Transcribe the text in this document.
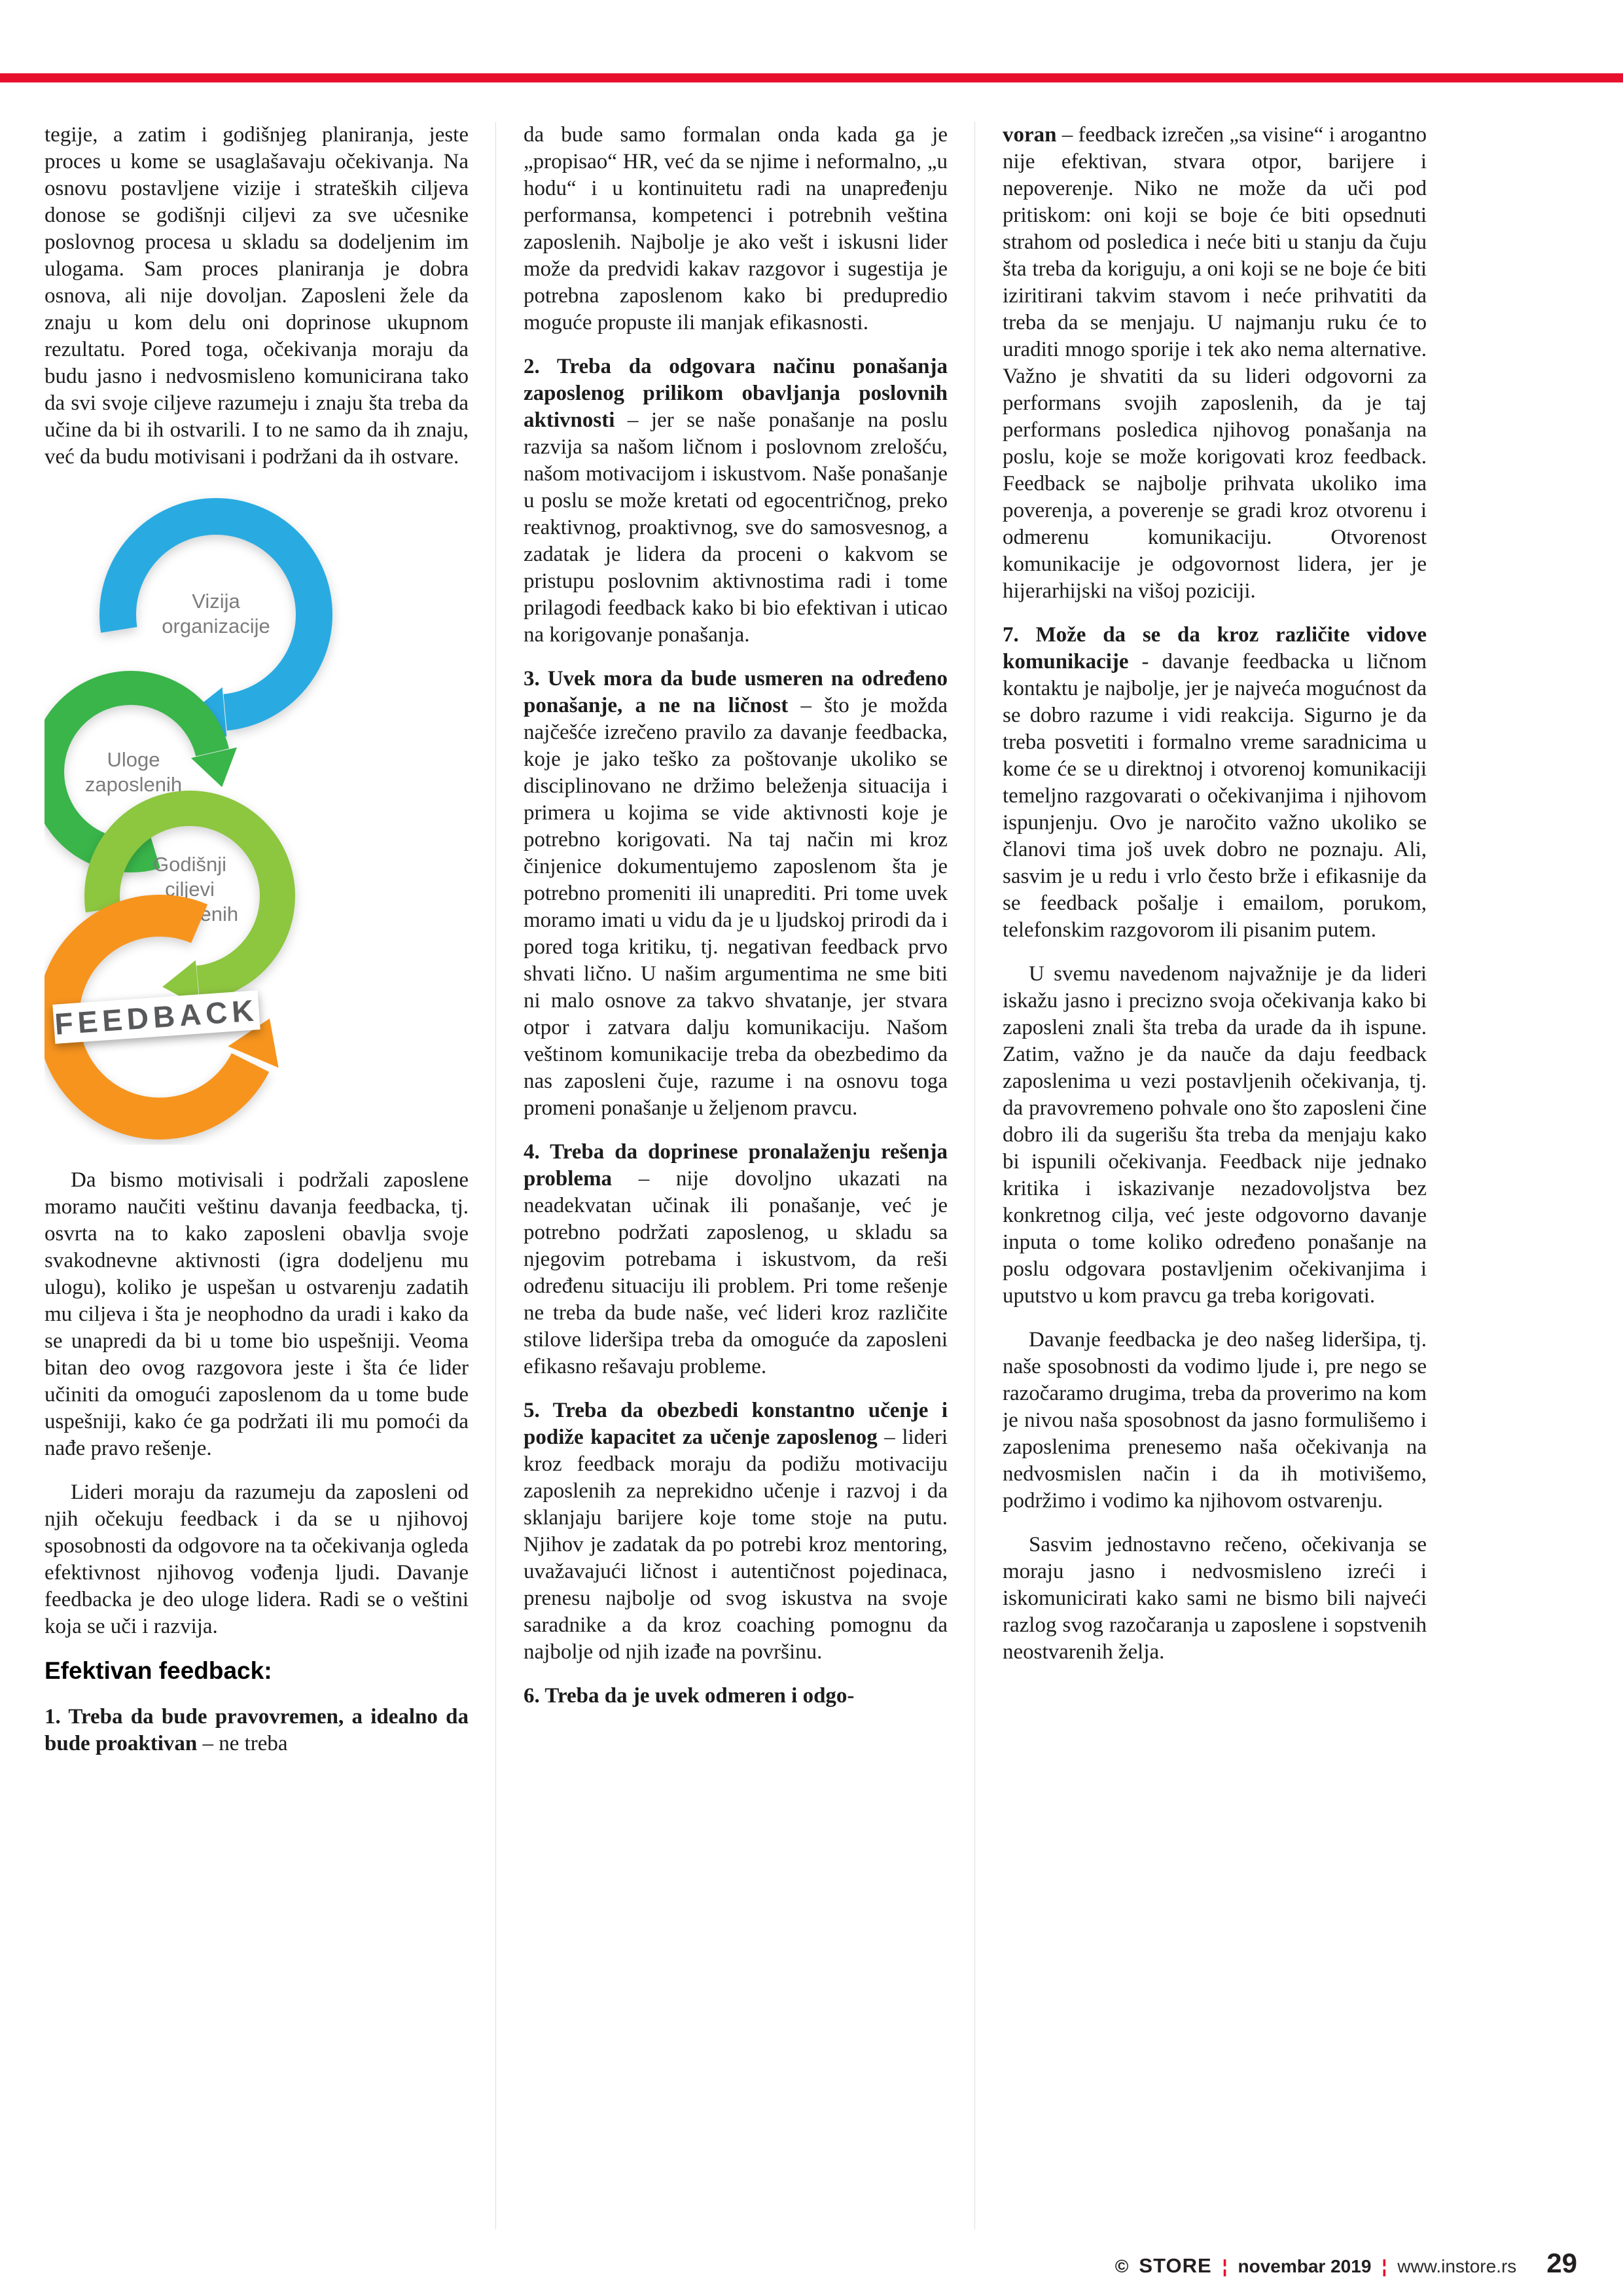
tegije, a zatim i godišnjeg planiranja, jeste proces u kome se usaglašavaju očekivanja. Na osnovu postavljene vizije i strateških ciljeva donose se godišnji ciljevi za sve učesnike poslovnog procesa u skladu sa dodeljenim im ulogama. Sam proces planiranja je dobra osnova, ali nije dovoljan. Zaposleni žele da znaju u kom delu oni doprinose ukupnom rezultatu. Pored toga, očekivanja moraju da budu jasno i nedvosmisleno komunicirana tako da svi svoje ciljeve razumeju i znaju šta treba da učine da bi ih ostvarili. I to ne samo da ih znaju, već da budu motivisani i podržani da ih ostvare.

Vizija
organizacije
Uloge
zaposlenih
Godišnji
ciljevi
zaposlenih
FEEDBACK

Da bismo motivisali i podržali zaposlene moramo naučiti veštinu davanja feedbacka, tj. osvrta na to kako zaposleni obavlja svoje svakodnevne aktivnosti (igra dodeljenu mu ulogu), koliko je uspešan u ostvarenju zadatih mu ciljeva i šta je neophodno da uradi i kako da se unapredi da bi u tome bio uspešniji. Veoma bitan deo ovog razgovora jeste i šta će lider učiniti da omogući zaposlenom da u tome bude uspešniji, kako će ga podržati ili mu pomoći da nađe pravo rešenje.

Lideri moraju da razumeju da zaposleni od njih očekuju feedback i da se u njihovoj sposobnosti da odgovore na ta očekivanja ogleda efektivnost njihovog vođenja ljudi. Davanje feedbacka je deo uloge lidera. Radi se o veštini koja se uči i razvija.

Efektivan feedback:

1. Treba da bude pravovremen, a idealno da bude proaktivan – ne treba

da bude samo formalan onda kada ga je „propisao“ HR, već da se njime i neformalno, „u hodu“ i u kontinuitetu radi na unapređenju performansa, kompetenci i potrebnih veština zaposlenih. Najbolje je ako vešt i iskusni lider može da predvidi kakav razgovor i sugestija je potrebna zaposlenom kako bi predupredio moguće propuste ili manjak efikasnosti.

2. Treba da odgovara načinu ponašanja zaposlenog prilikom obavljanja poslovnih aktivnosti – jer se naše ponašanje na poslu razvija sa našom ličnom i poslovnom zrelošću, našom motivacijom i iskustvom. Naše ponašanje u poslu se može kretati od egocentričnog, preko reaktivnog, proaktivnog, sve do samosvesnog, a zadatak je lidera da proceni o kakvom se pristupu poslovnim aktivnostima radi i tome prilagodi feedback kako bi bio efektivan i uticao na korigovanje ponašanja.

3. Uvek mora da bude usmeren na određeno ponašanje, a ne na ličnost – što je možda najčešće izrečeno pravilo za davanje feedbacka, koje je jako teško za poštovanje ukoliko se disciplinovano ne držimo beleženja situacija i primera u kojima se vide aktivnosti koje je potrebno korigovati. Na taj način mi kroz činjenice dokumentujemo zaposlenom šta je potrebno promeniti ili unaprediti. Pri tome uvek moramo imati u vidu da je u ljudskoj prirodi da i pored toga kritiku, tj. negativan feedback prvo shvati lično. U našim argumentima ne sme biti ni malo osnove za takvo shvatanje, jer stvara otpor i zatvara dalju komunikaciju. Našom veštinom komunikacije treba da obezbedimo da nas zaposleni čuje, razume i na osnovu toga promeni ponašanje u željenom pravcu.

4. Treba da doprinese pronalaženju rešenja problema – nije dovoljno ukazati na neadekvatan učinak ili ponašanje, već je potrebno podržati zaposlenog, u skladu sa njegovim potrebama i iskustvom, da reši određenu situaciju ili problem. Pri tome rešenje ne treba da bude naše, već lideri kroz različite stilove lideršipa treba da omoguće da zaposleni efikasno rešavaju probleme.

5. Treba da obezbedi konstantno učenje i podiže kapacitet za učenje zaposlenog – lideri kroz feedback moraju da podižu motivaciju zaposlenih za neprekidno učenje i razvoj i da sklanjaju barijere koje tome stoje na putu. Njihov je zadatak da po potrebi kroz mentoring, uvažavajući ličnost i autentičnost pojedinaca, prenesu najbolje od svog iskustva na svoje saradnike a da kroz coaching pomognu da najbolje od njih izađe na površinu.

6. Treba da je uvek odmeren i odgo-

voran – feedback izrečen „sa visine“ i arogantno nije efektivan, stvara otpor, barijere i nepoverenje. Niko ne može da uči pod pritiskom: oni koji se boje će biti opsednuti strahom od posledica i neće biti u stanju da čuju šta treba da koriguju, a oni koji se ne boje će biti iziritirani takvim stavom i neće prihvatiti da treba da se menjaju. U najmanju ruku će to uraditi mnogo sporije i tek ako nema alternative. Važno je shvatiti da su lideri odgovorni za performans svojih zaposlenih, da je taj performans posledica njihovog ponašanja na poslu, koje se može korigovati kroz feedback. Feedback se najbolje prihvata ukoliko ima poverenja, a poverenje se gradi kroz otvorenu i odmerenu komunikaciju. Otvorenost komunikacije je odgovornost lidera, jer je hijerarhijski na višoj poziciji.

7. Može da se da kroz različite vidove komunikacije - davanje feedbacka u ličnom kontaktu je najbolje, jer je najveća mogućnost da se dobro razume i vidi reakcija. Sigurno je da treba posvetiti i formalno vreme saradnicima u kome će se u direktnoj i otvorenoj komunikaciji temeljno razgovarati o očekivanjima i njihovom ispunjenju. Ovo je naročito važno ukoliko se članovi tima još uvek dobro ne poznaju. Ali, sasvim je u redu i vrlo često brže i efikasnije da se feedback pošalje i emailom, porukom, telefonskim razgovorom ili pisanim putem.

U svemu navedenom najvažnije je da lideri iskažu jasno i precizno svoja očekivanja kako bi zaposleni znali šta treba da urade da ih ispune. Zatim, važno je da nauče da daju feedback zaposlenima u vezi postavljenih očekivanja, tj. da pravovremeno pohvale ono što zaposleni čine dobro ili da sugerišu šta treba da menjaju kako bi ispunili očekivanja. Feedback nije jednako kritika i iskazivanje nezadovoljstva bez konkretnog cilja, već jeste odgovorno davanje inputa o tome koliko određeno ponašanje na poslu odgovara postavljenim očekivanjima i uputstvo u kom pravcu ga treba korigovati.

Davanje feedbacka je deo našeg lideršipa, tj. naše sposobnosti da vodimo ljude i, pre nego se razočaramo drugima, treba da proverimo na kom je nivou naša sposobnost da jasno formulišemo i zaposlenima prenesemo naša očekivanja na nedvosmislen način i da ih motivišemo, podržimo i vodimo ka njihovom ostvarenju.

Sasvim jednostavno rečeno, očekivanja se moraju jasno i nedvosmisleno izreći i iskomunicirati kako sami ne bismo bili najveći razlog svog razočaranja u zaposlene i sopstvenih neostvarenih želja.

© STORE ¦ novembar 2019 ¦ www.instore.rs 29
